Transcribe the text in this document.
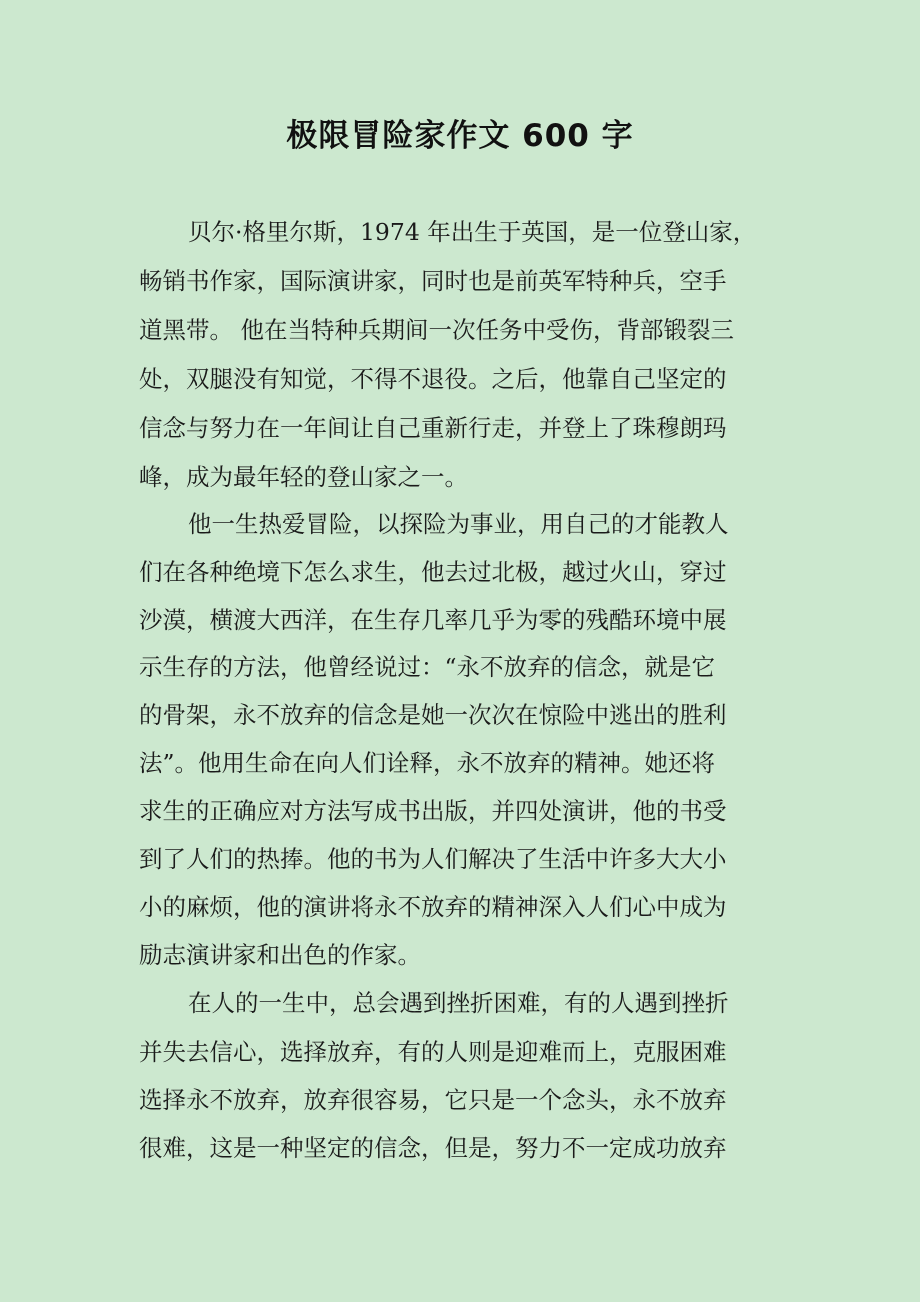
极限冒险家作文 600 字
贝尔·格里尔斯，1974 年出生于英国，是一位登山家，
畅销书作家，国际演讲家，同时也是前英军特种兵，空手
道黑带。 他在当特种兵期间一次任务中受伤，背部锻裂三
处，双腿没有知觉，不得不退役。之后，他靠自己坚定的
信念与努力在一年间让自己重新行走，并登上了珠穆朗玛
峰，成为最年轻的登山家之一。
他一生热爱冒险，以探险为事业，用自己的才能教人
们在各种绝境下怎么求生，他去过北极，越过火山，穿过
沙漠，横渡大西洋，在生存几率几乎为零的残酷环境中展
示生存的方法，他曾经说过：“永不放弃的信念，就是它
的骨架，永不放弃的信念是她一次次在惊险中逃出的胜利
法”。他用生命在向人们诠释，永不放弃的精神。她还将
求生的正确应对方法写成书出版，并四处演讲，他的书受
到了人们的热捧。他的书为人们解决了生活中许多大大小
小的麻烦，他的演讲将永不放弃的精神深入人们心中成为
励志演讲家和出色的作家。
在人的一生中，总会遇到挫折困难，有的人遇到挫折
并失去信心，选择放弃，有的人则是迎难而上，克服困难
选择永不放弃，放弃很容易，它只是一个念头，永不放弃
很难，这是一种坚定的信念，但是，努力不一定成功放弃
